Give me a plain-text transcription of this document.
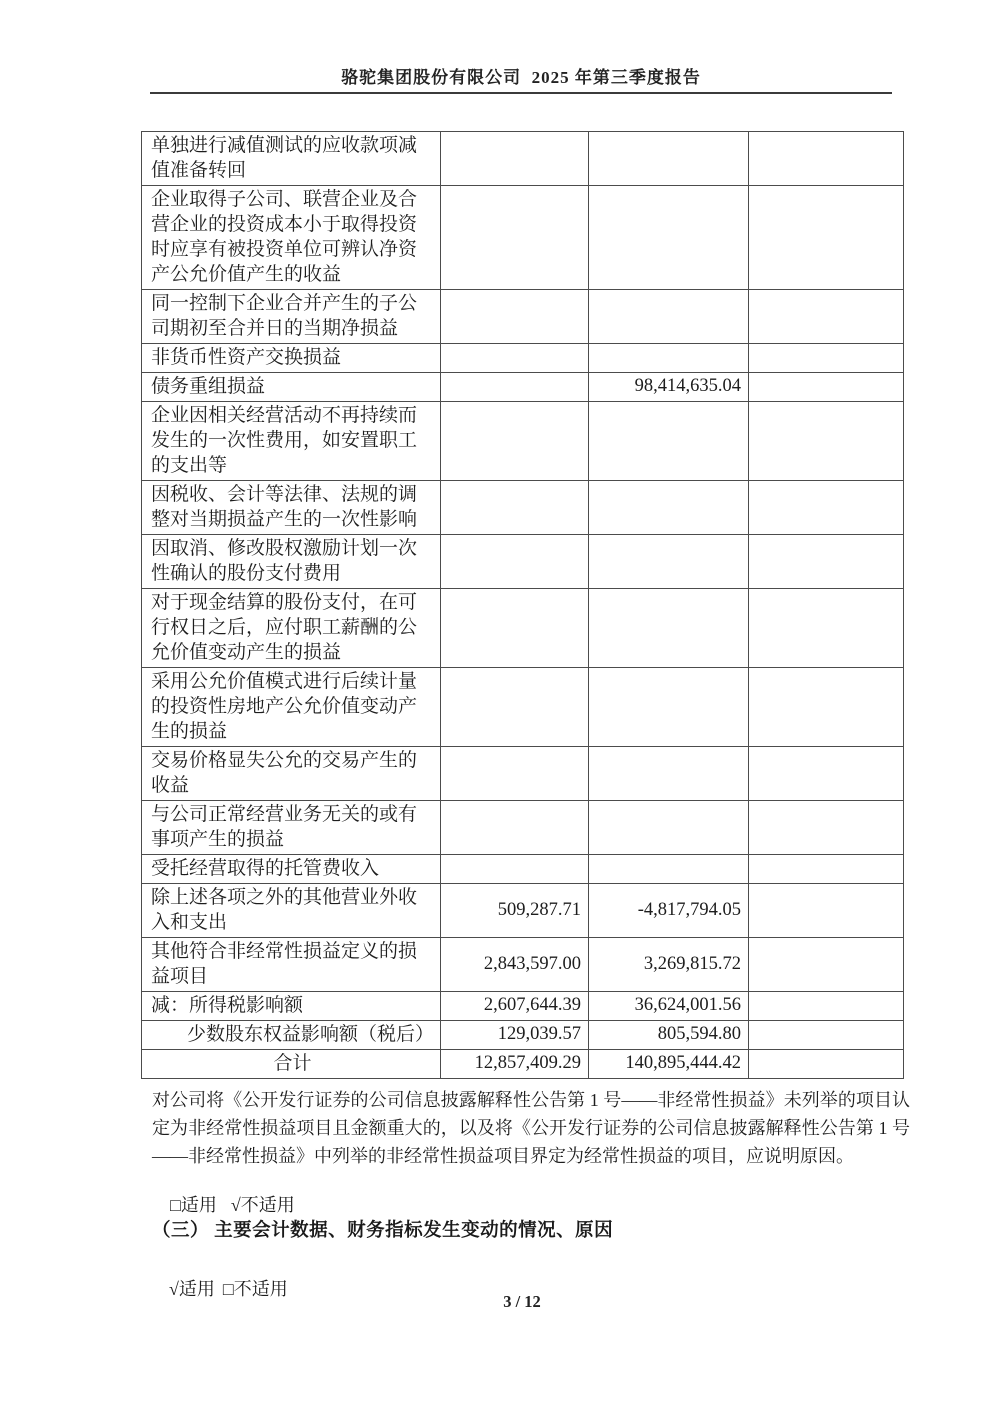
骆驼集团股份有限公司  2025 年第三季度报告
单独进行减值测试的应收款项减值准备转回			
企业取得子公司、联营企业及合营企业的投资成本小于取得投资时应享有被投资单位可辨认净资产公允价值产生的收益			
同一控制下企业合并产生的子公司期初至合并日的当期净损益			
非货币性资产交换损益			
债务重组损益		98,414,635.04	
企业因相关经营活动不再持续而发生的一次性费用，如安置职工的支出等			
因税收、会计等法律、法规的调整对当期损益产生的一次性影响			
因取消、修改股权激励计划一次性确认的股份支付费用			
对于现金结算的股份支付，在可行权日之后，应付职工薪酬的公允价值变动产生的损益			
采用公允价值模式进行后续计量的投资性房地产公允价值变动产生的损益			
交易价格显失公允的交易产生的收益			
与公司正常经营业务无关的或有事项产生的损益			
受托经营取得的托管费收入			
除上述各项之外的其他营业外收入和支出	509,287.71	-4,817,794.05	
其他符合非经常性损益定义的损益项目	2,843,597.00	3,269,815.72	
减：所得税影响额	2,607,644.39	36,624,001.56	
少数股东权益影响额（税后）	129,039.57	805,594.80	
合计	12,857,409.29	140,895,444.42	

对公司将《公开发行证券的公司信息披露解释性公告第 1 号——非经常性损益》未列举的项目认定为非经常性损益项目且金额重大的，以及将《公开发行证券的公司信息披露解释性公告第 1 号——非经常性损益》中列举的非经常性损益项目界定为经常性损益的项目，应说明原因。

□适用 √不适用

（三） 主要会计数据、财务指标发生变动的情况、原因

√适用 □不适用

3 / 12
